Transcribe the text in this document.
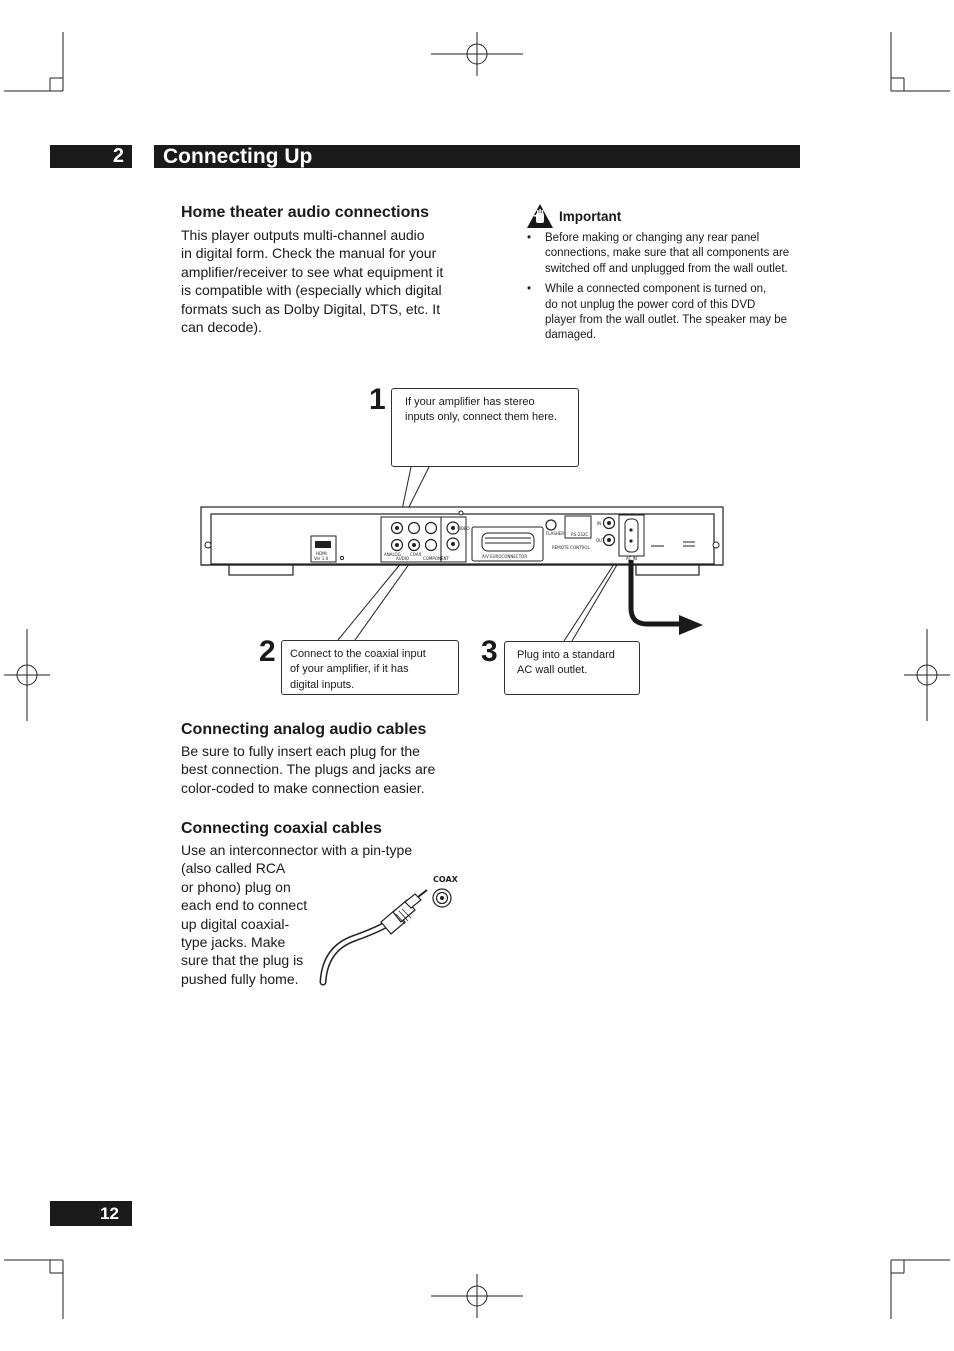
2	Connecting Up
Home theater audio connections
This player outputs multi-channel audio
in digital form. Check the manual for your
amplifier/receiver to see what equipment it
is compatible with (especially which digital
formats such as Dolby Digital, DTS, etc. It
can decode).
Important
• Before making or changing any rear panel
connections, make sure that all components are
switched off and unplugged from the wall outlet.
• While a connected component is turned on,
do not unplug the power cord of this DVD
player from the wall outlet. The speaker may be
damaged.
HDMI
Ver 1.0
ANALOG
AUDIO
COAX
VIDEO
COMPONENT	A/V EUROCONNECTOR
RS-232C
REMOTE CONTROL
IN
OUT
AC IN
FLASHER
1
2	3
If your amplifier has stereo
inputs only, connect them here.
Connect to the coaxial input
of your amplifier, if it has
digital inputs.
Plug into a standard
AC wall outlet.
Connecting analog audio cables
Be sure to fully insert each plug for the
best connection. The plugs and jacks are
color-coded to make connection easier.
Connecting coaxial cables
Use an interconnector with a pin-type
(also called RCA
or phono) plug on
each end to connect
up digital coaxial-
type jacks. Make
sure that the plug is
pushed fully home.
COAX
12
